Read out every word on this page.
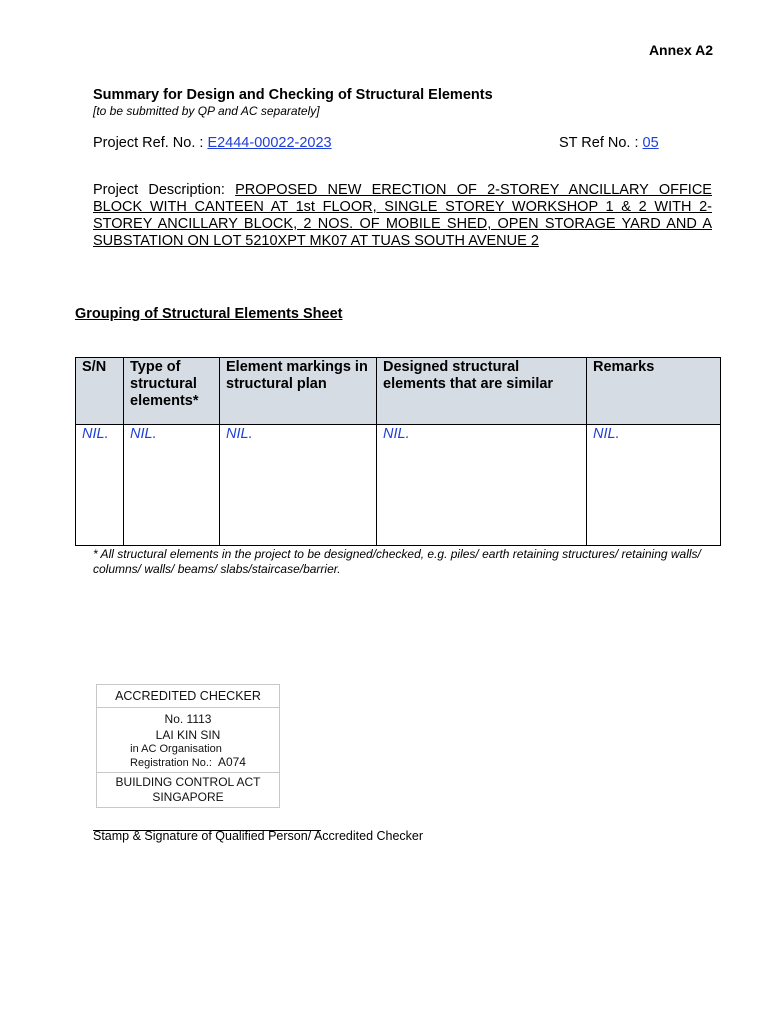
Annex A2
Summary for Design and Checking of Structural Elements
[to be submitted by QP and AC separately]
Project Ref. No. : E2444-00022-2023	ST Ref No. : 05
Project Description: PROPOSED NEW ERECTION OF 2-STOREY ANCILLARY OFFICE BLOCK WITH CANTEEN AT 1st FLOOR, SINGLE STOREY WORKSHOP 1 & 2 WITH 2-STOREY ANCILLARY BLOCK, 2 NOS. OF MOBILE SHED, OPEN STORAGE YARD AND A SUBSTATION ON LOT 5210XPT MK07 AT TUAS SOUTH AVENUE 2
Grouping of Structural Elements Sheet
S/N	Type of structural elements*	Element markings in structural plan	Designed structural elements that are similar	Remarks
NIL.	NIL.	NIL.	NIL.	NIL.
* All structural elements in the project to be designed/checked, e.g. piles/ earth retaining structures/ retaining walls/ columns/ walls/ beams/ slabs/staircase/barrier.
ACCREDITED CHECKER
No. 1113
LAI KIN SIN
in AC Organisation
Registration No.: A074
BUILDING CONTROL ACT
SINGAPORE
Stamp & Signature of Qualified Person/ Accredited Checker
